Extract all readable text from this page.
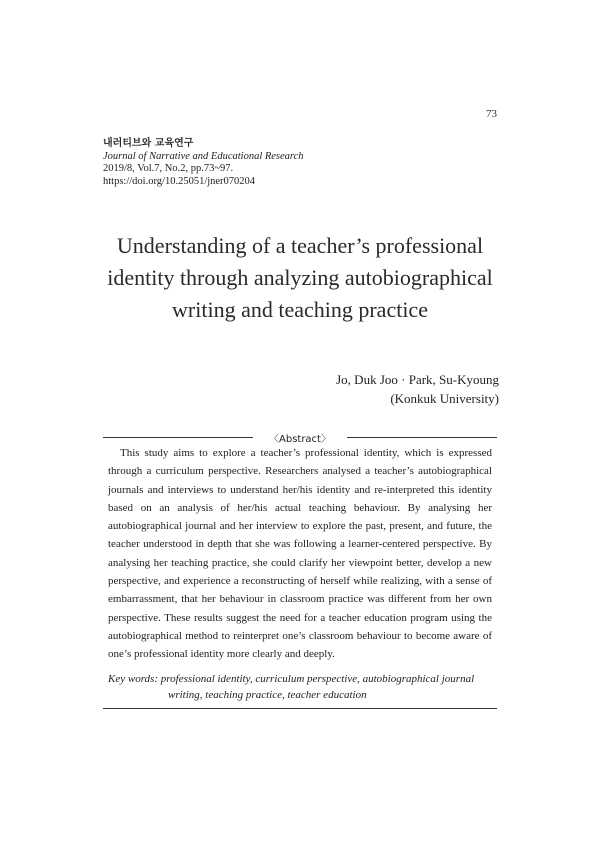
73
내러티브와 교육연구
Journal of Narrative and Educational Research
2019/8, Vol.7, No.2, pp.73~97.
https://doi.org/10.25051/jner070204
Understanding of a teacher’s professional
identity through analyzing autobiographical
writing and teaching practice
Jo, Duk Joo · Park, Su-Kyoung
(Konkuk University)
〈Abstract〉

This study aims to explore a teacher’s professional identity, which is expressed through a curriculum perspective. Researchers analysed a teacher’s autobiographical journals and interviews to understand her/his identity and re-interpreted this identity based on an analysis of her/his actual teaching behaviour. By analysing her autobiographical journal and her interview to explore the past, present, and future, the teacher understood in depth that she was following a learner-centered perspective. By analysing her teaching practice, she could clarify her viewpoint better, develop a new perspective, and experience a reconstructing of herself while realizing, with a sense of embarrassment, that her behaviour in classroom practice was different from her own perspective. These results suggest the need for a teacher education program using the autobiographical method to reinterpret one’s classroom behaviour to become aware of one’s professional identity more clearly and deeply.

Key words: professional identity, curriculum perspective, autobiographical journal
writing, teaching practice, teacher education
